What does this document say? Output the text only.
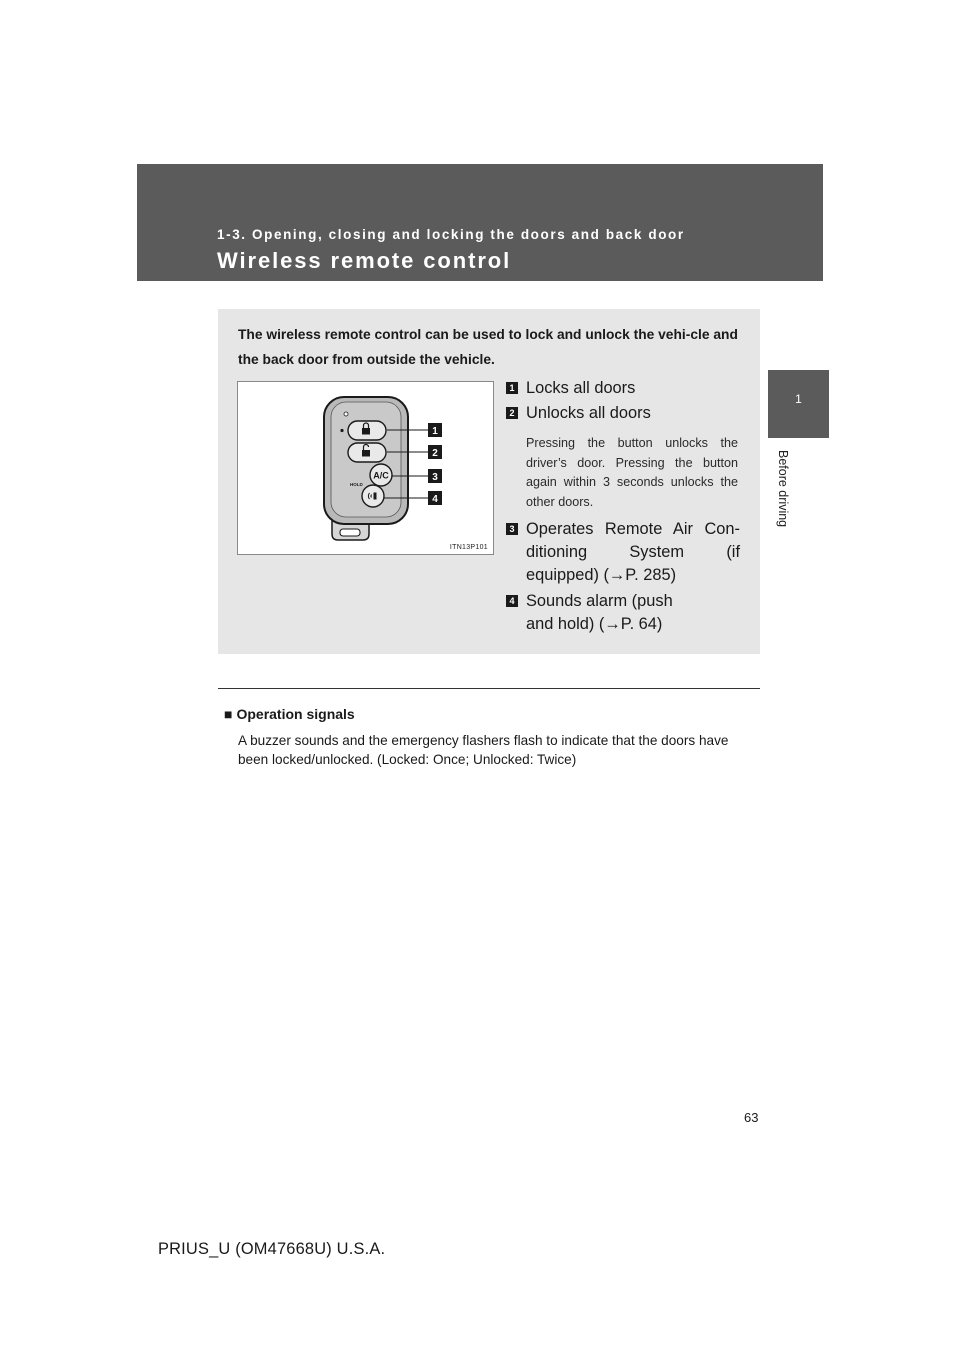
1-3. Opening, closing and locking the doors and back door
Wireless remote control
1
Before driving
The wireless remote control can be used to lock and unlock the vehi-cle and the back door from outside the vehicle.
A/C
HOLD
1
2
3
4
ITN13P101
1 Locks all doors
2 Unlocks all doors
Pressing the button unlocks the driver’s door. Pressing the button again within 3 seconds unlocks the other doors.
3 Operates Remote Air Con-ditioning System (if equipped) (→P. 285)
4 Sounds alarm (push and hold) (→P. 64)
■ Operation signals
A buzzer sounds and the emergency flashers flash to indicate that the doors have been locked/unlocked. (Locked: Once; Unlocked: Twice)
63
PRIUS_U (OM47668U) U.S.A.
